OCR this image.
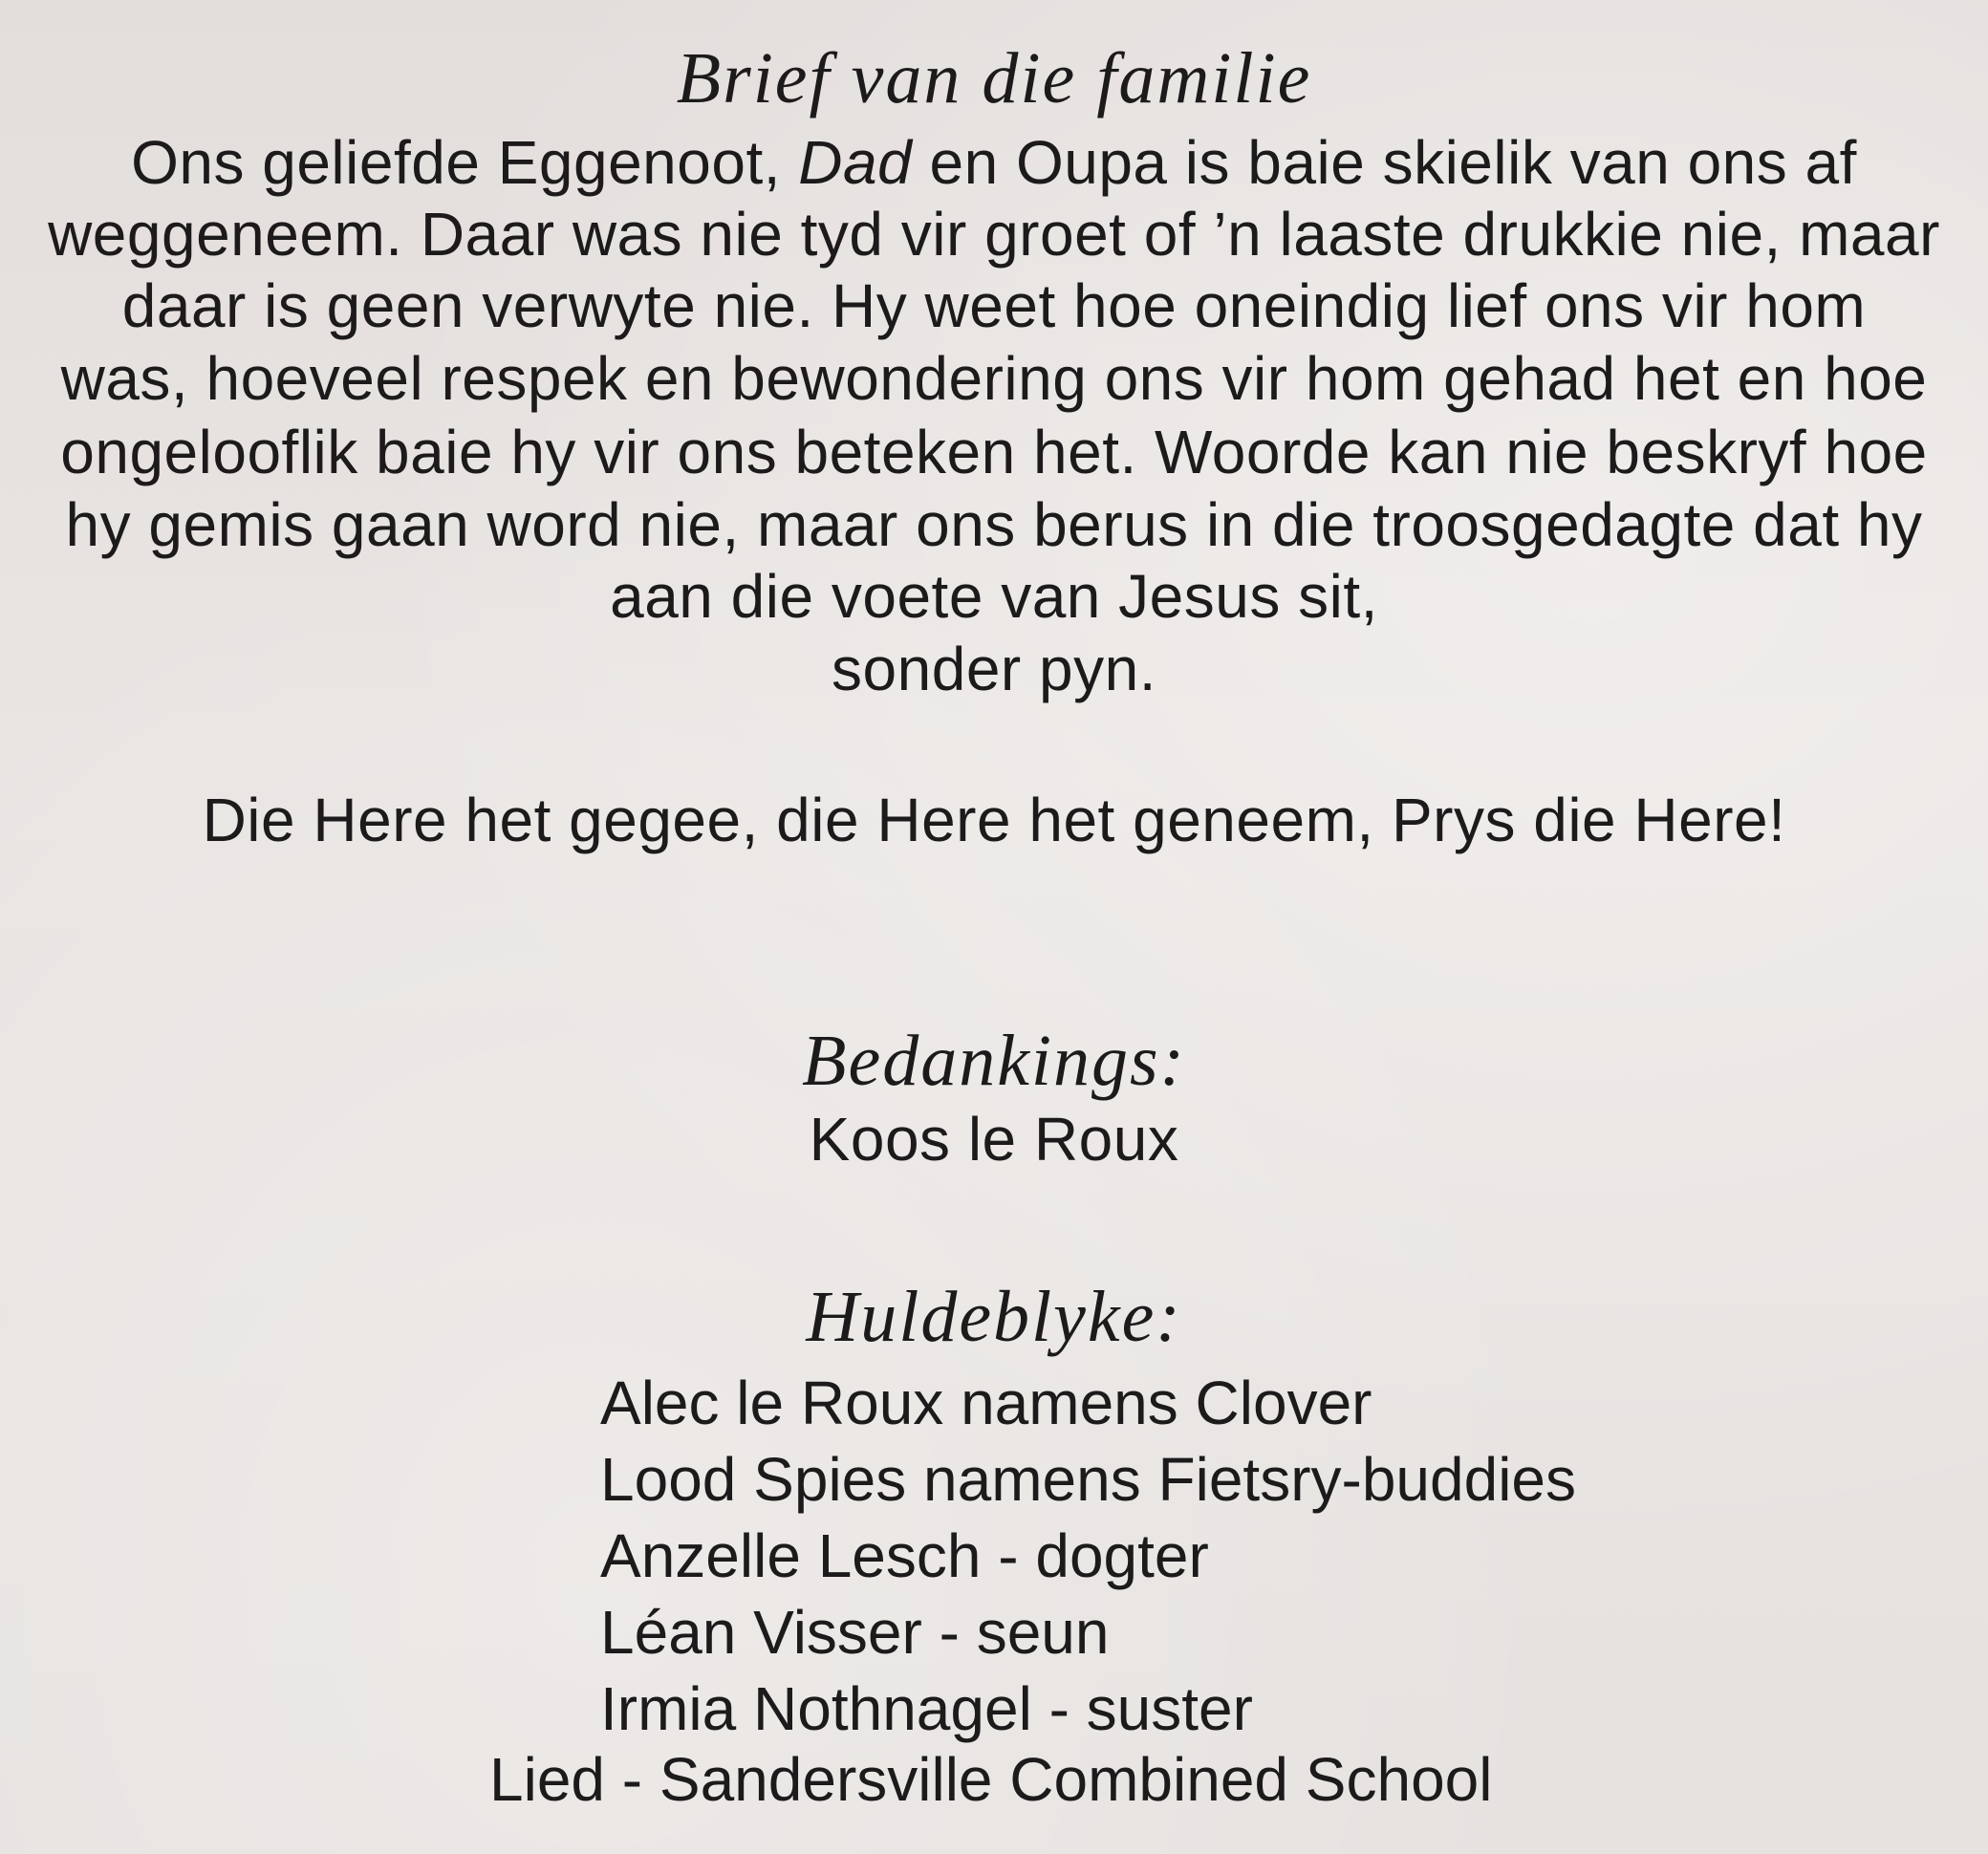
Brief van die familie
Ons geliefde Eggenoot, Dad en Oupa is baie skielik van ons af
weggeneem. Daar was nie tyd vir groet of ’n laaste drukkie nie, maar
daar is geen verwyte nie. Hy weet hoe oneindig lief ons vir hom
was, hoeveel respek en bewondering ons vir hom gehad het en hoe
ongelooflik baie hy vir ons beteken het. Woorde kan nie beskryf hoe
hy gemis gaan word nie, maar ons berus in die troosgedagte dat hy
aan die voete van Jesus sit,
sonder pyn.
Die Here het gegee, die Here het geneem, Prys die Here!
Bedankings:
Koos le Roux
Huldeblyke:
Alec le Roux namens Clover
Lood Spies namens Fietsry-buddies
Anzelle Lesch - dogter
Léan Visser - seun
Irmia Nothnagel - suster
Lied - Sandersville Combined School
